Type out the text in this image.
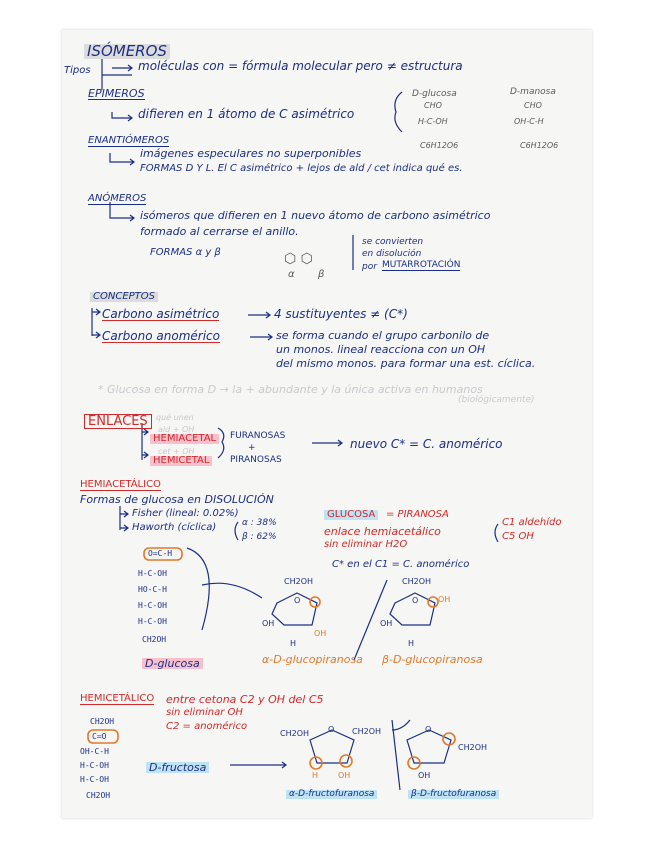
ISÓMEROS
Tipos	moléculas con = fórmula molecular pero ≠ estructura
EPIMEROS
difieren en 1 átomo de C asimétrico
D-glucosa	D-manosa
CHO	CHO
H-C-OH	OH-C-H
C6H12O6	C6H12O6
ENANTIÓMEROS
imágenes especulares no superponibles
FORMAS D Y L. El C asimétrico + lejos de ald / cet indica qué es.
ANÓMEROS
isómeros que difieren en 1 nuevo átomo de carbono asimétrico
formado al cerrarse el anillo.
FORMAS α y β	⬡ ⬡
α β
se convierten
en disolución
por MUTARROTACIÓN
CONCEPTOS
Carbono asimétrico	4 sustituyentes ≠ (C*)
Carbono anomérico	se forma cuando el grupo carbonilo de
un monos. lineal reacciona con un OH
del mismo monos. para formar una est. cíclica.
* Glucosa en forma D → la + abundante y la única activa en humanos
(biológicamente)
ENLACES	qué unen
ald + OH
cet + OH
HEMIACETAL
HEMICETAL
FURANOSAS
+
PIRANOSAS
nuevo C* = C. anomérico
HEMIACETÁLICO
Formas de glucosa en DISOLUCIÓN
Fisher (lineal: 0.02%)
Haworth (cíclica)	α : 38%
β : 62%
GLUCOSA	= PIRANOSA
enlace hemiacetálico
sin eliminar H2O
C1 aldehído
C5 OH
C* en el C1 = C. anomérico
O=C-H
H-C-OH
HO-C-H
H-C-OH
H-C-OH
CH2OH
D-glucosa
CH2OH	CH2OH
O	O
OH
OH
H
OH
OH
H
α-D-glucopiranosa β-D-glucopiranosa
HEMICETÁLICO entre cetona C2 y OH del C5
sin eliminar OH
C2 = anomérico
CH2OH
C=O
OH-C-H
H-C-OH
H-C-OH
CH2OH
D-fructosa
CH2OH	CH2OH
O
CH2OH
O
H OH	OH
α-D-fructofuranosa	β-D-fructofuranosa
